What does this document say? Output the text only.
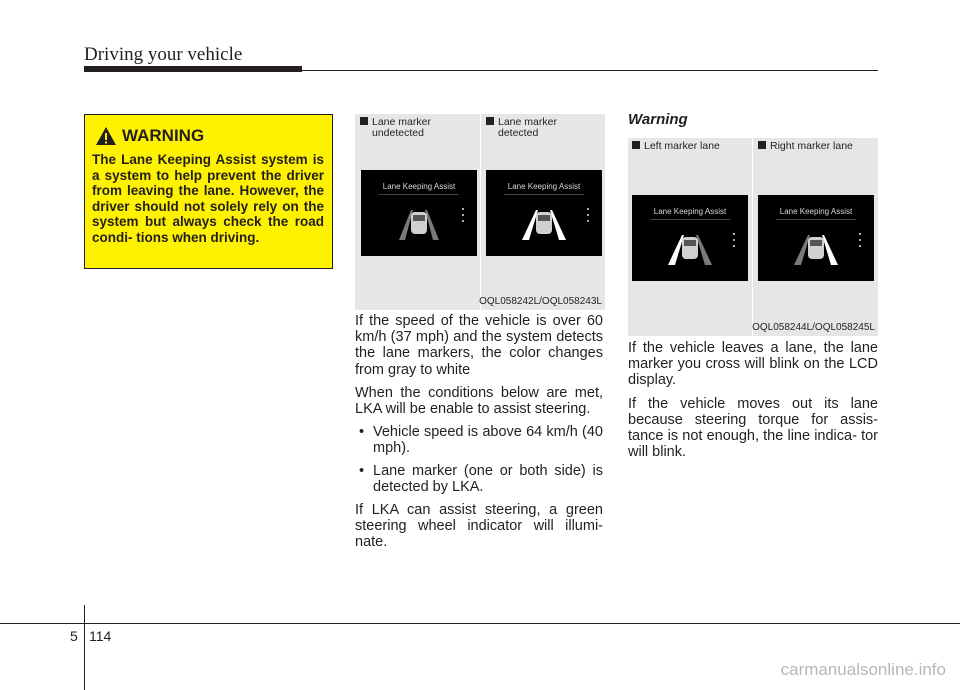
Driving your vehicle
WARNING
The Lane Keeping Assist system is a system to help prevent the driver from leaving the lane. However, the driver should not solely rely on the system but always check the road condi- tions when driving.
Lane marker
undetected
Lane marker
detected
Lane Keeping Assist	Lane Keeping Assist
OQL058242L/OQL058243L

If the speed of the vehicle is over 60 km/h (37 mph) and the system detects the lane markers, the color changes from gray to white

When the conditions below are met, LKA will be enable to assist steering.

• Vehicle speed is above 64 km/h (40 mph).
• Lane marker (one or both side) is detected by LKA.

If LKA can assist steering, a green steering wheel indicator will illumi- nate.

Warning
Left marker lane	Right marker lane
Lane Keeping Assist	Lane Keeping Assist
OQL058244L/OQL058245L

If the vehicle leaves a lane, the lane marker you cross will blink on the LCD display.

If the vehicle moves out its lane because steering torque for assis- tance is not enough, the line indica- tor will blink.

5 114
carmanualsonline.info
